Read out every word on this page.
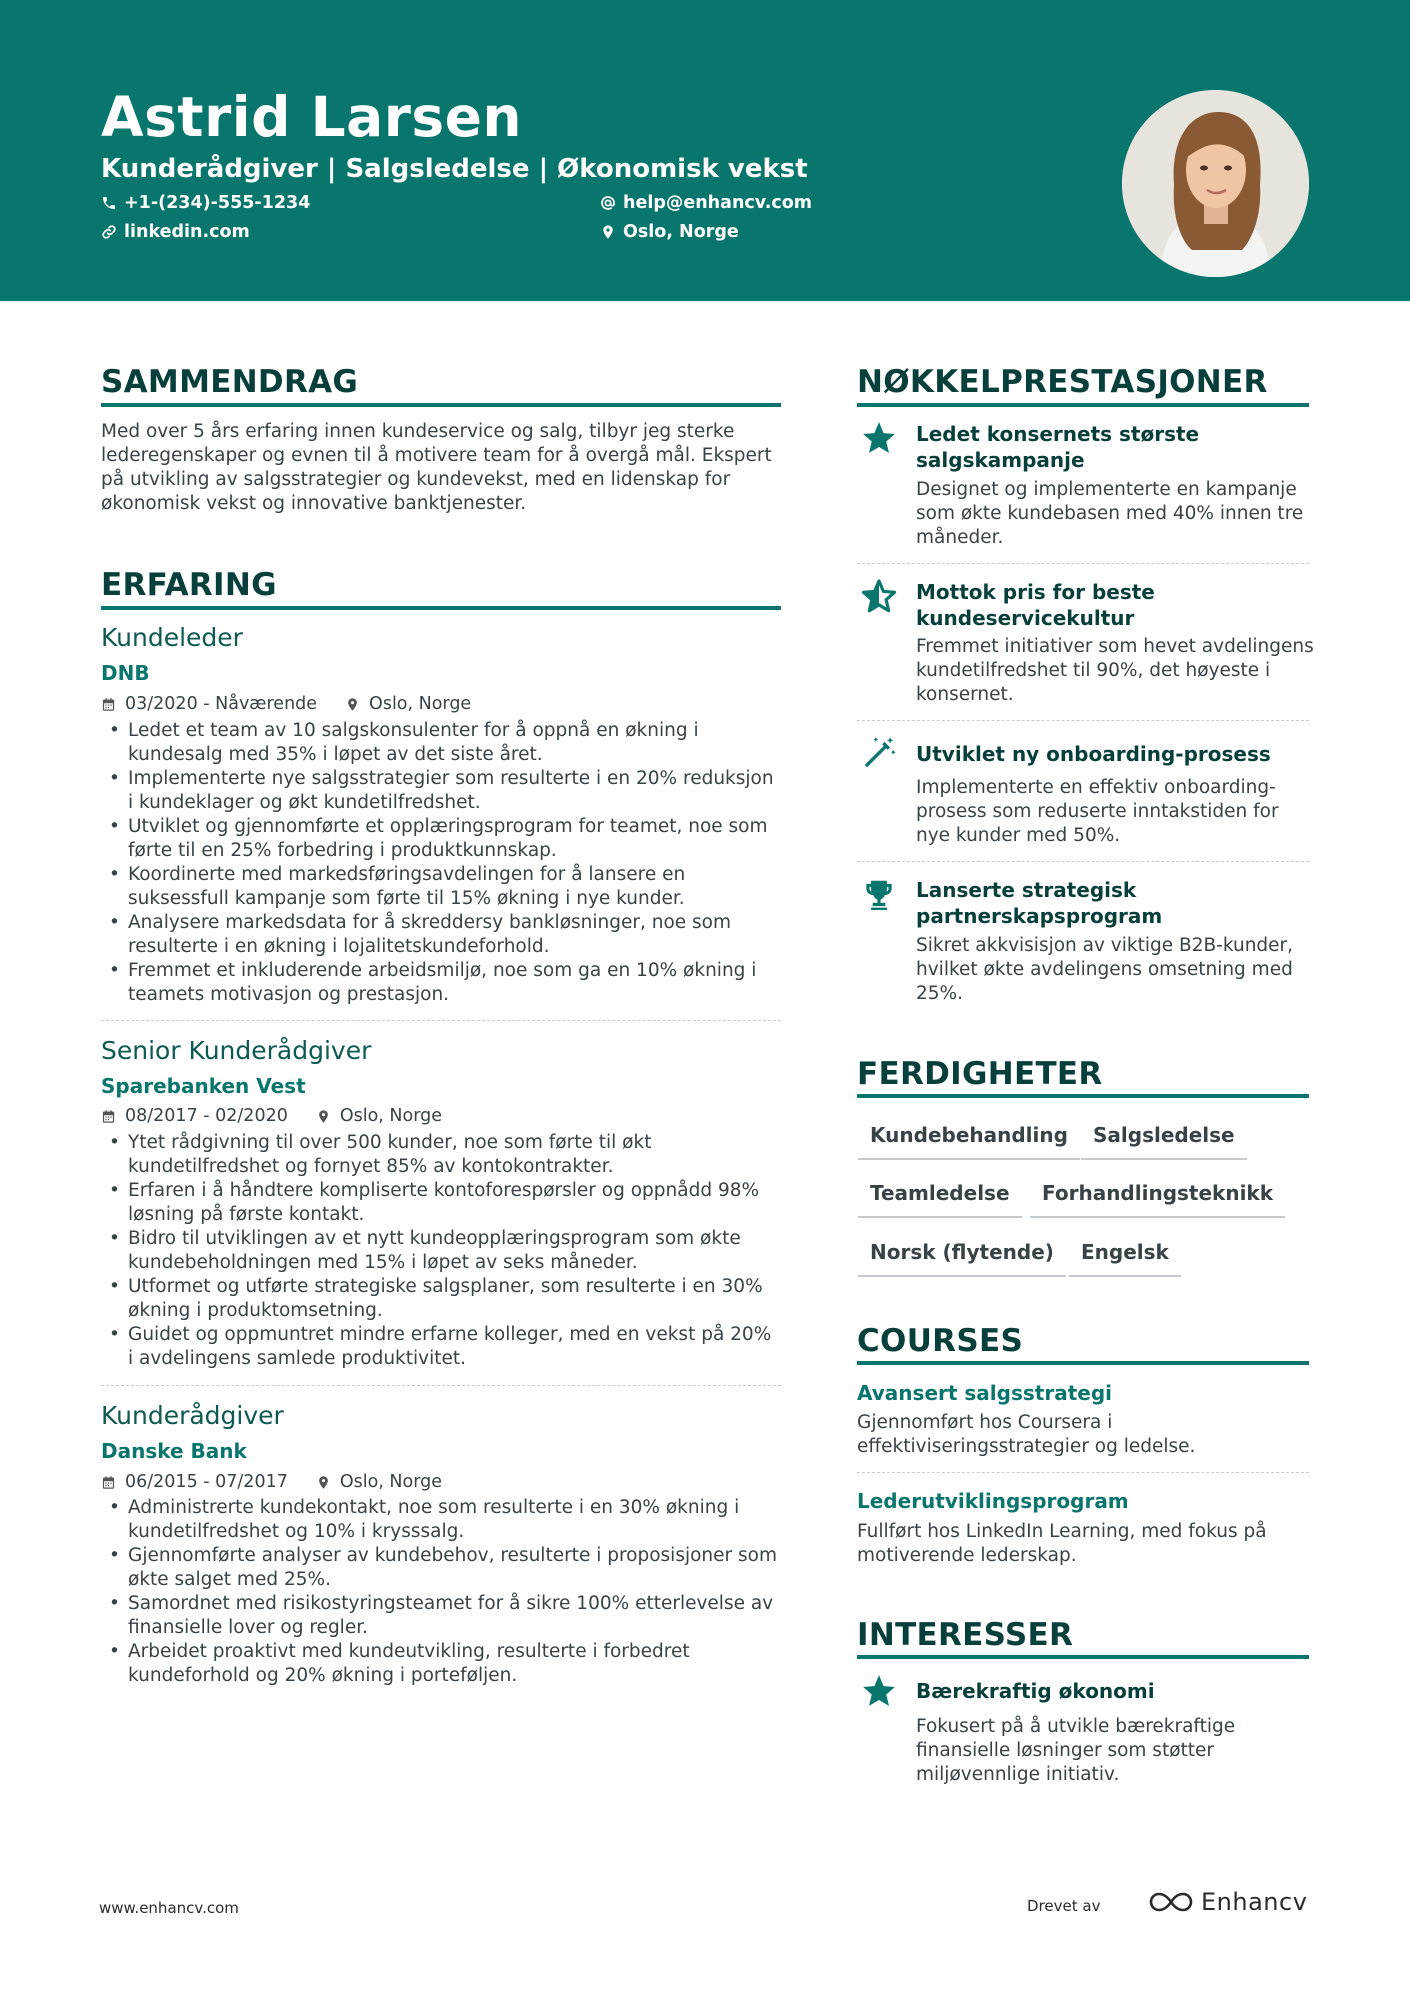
Astrid Larsen
Kunderådgiver | Salgsledelse | Økonomisk vekst
+1-(234)-555-1234	help@enhancv.com
linkedin.com	Oslo, Norge
SAMMENDRAG
Med over 5 års erfaring innen kundeservice og salg, tilbyr jeg sterke lederegenskaper og evnen til å motivere team for å overgå mål. Ekspert på utvikling av salgsstrategier og kundevekst, med en lidenskap for økonomisk vekst og innovative banktjenester.
ERFARING
Kundeleder
DNB
03/2020 - Nåværende	Oslo, Norge
• Ledet et team av 10 salgskonsulenter for å oppnå en økning i kundesalg med 35% i løpet av det siste året.
• Implementerte nye salgsstrategier som resulterte i en 20% reduksjon i kundeklager og økt kundetilfredshet.
• Utviklet og gjennomførte et opplæringsprogram for teamet, noe som førte til en 25% forbedring i produktkunnskap.
• Koordinerte med markedsføringsavdelingen for å lansere en suksessfull kampanje som førte til 15% økning i nye kunder.
• Analysere markedsdata for å skreddersy bankløsninger, noe som resulterte i en økning i lojalitetskundeforhold.
• Fremmet et inkluderende arbeidsmiljø, noe som ga en 10% økning i teamets motivasjon og prestasjon.
Senior Kunderådgiver
Sparebanken Vest
08/2017 - 02/2020	Oslo, Norge
• Ytet rådgivning til over 500 kunder, noe som førte til økt kundetilfredshet og fornyet 85% av kontokontrakter.
• Erfaren i å håndtere kompliserte kontoforespørsler og oppnådd 98% løsning på første kontakt.
• Bidro til utviklingen av et nytt kundeopplæringsprogram som økte kundebeholdningen med 15% i løpet av seks måneder.
• Utformet og utførte strategiske salgsplaner, som resulterte i en 30% økning i produktomsetning.
• Guidet og oppmuntret mindre erfarne kolleger, med en vekst på 20% i avdelingens samlede produktivitet.
Kunderådgiver
Danske Bank
06/2015 - 07/2017	Oslo, Norge
• Administrerte kundekontakt, noe som resulterte i en 30% økning i kundetilfredshet og 10% i krysssalg.
• Gjennomførte analyser av kundebehov, resulterte i proposisjoner som økte salget med 25%.
• Samordnet med risikostyringsteamet for å sikre 100% etterlevelse av finansielle lover og regler.
• Arbeidet proaktivt med kundeutvikling, resulterte i forbedret kundeforhold og 20% økning i porteføljen.
NØKKELPRESTASJONER
Ledet konsernets største salgskampanje
Designet og implementerte en kampanje som økte kundebasen med 40% innen tre måneder.
Mottok pris for beste kundeservicekultur
Fremmet initiativer som hevet avdelingens kundetilfredshet til 90%, det høyeste i konsernet.
Utviklet ny onboarding-prosess
Implementerte en effektiv onboarding-prosess som reduserte inntakstiden for nye kunder med 50%.
Lanserte strategisk partnerskapsprogram
Sikret akkvisisjon av viktige B2B-kunder, hvilket økte avdelingens omsetning med 25%.
FERDIGHETER
Kundebehandling	Salgsledelse
Teamledelse	Forhandlingsteknikk
Norsk (flytende)	Engelsk
COURSES
Avansert salgsstrategi
Gjennomført hos Coursera i effektiviseringsstrategier og ledelse.
Lederutviklingsprogram
Fullført hos LinkedIn Learning, med fokus på motiverende lederskap.
INTERESSER
Bærekraftig økonomi
Fokusert på å utvikle bærekraftige finansielle løsninger som støtter miljøvennlige initiativ.
www.enhancv.com	Drevet av	Enhancv
